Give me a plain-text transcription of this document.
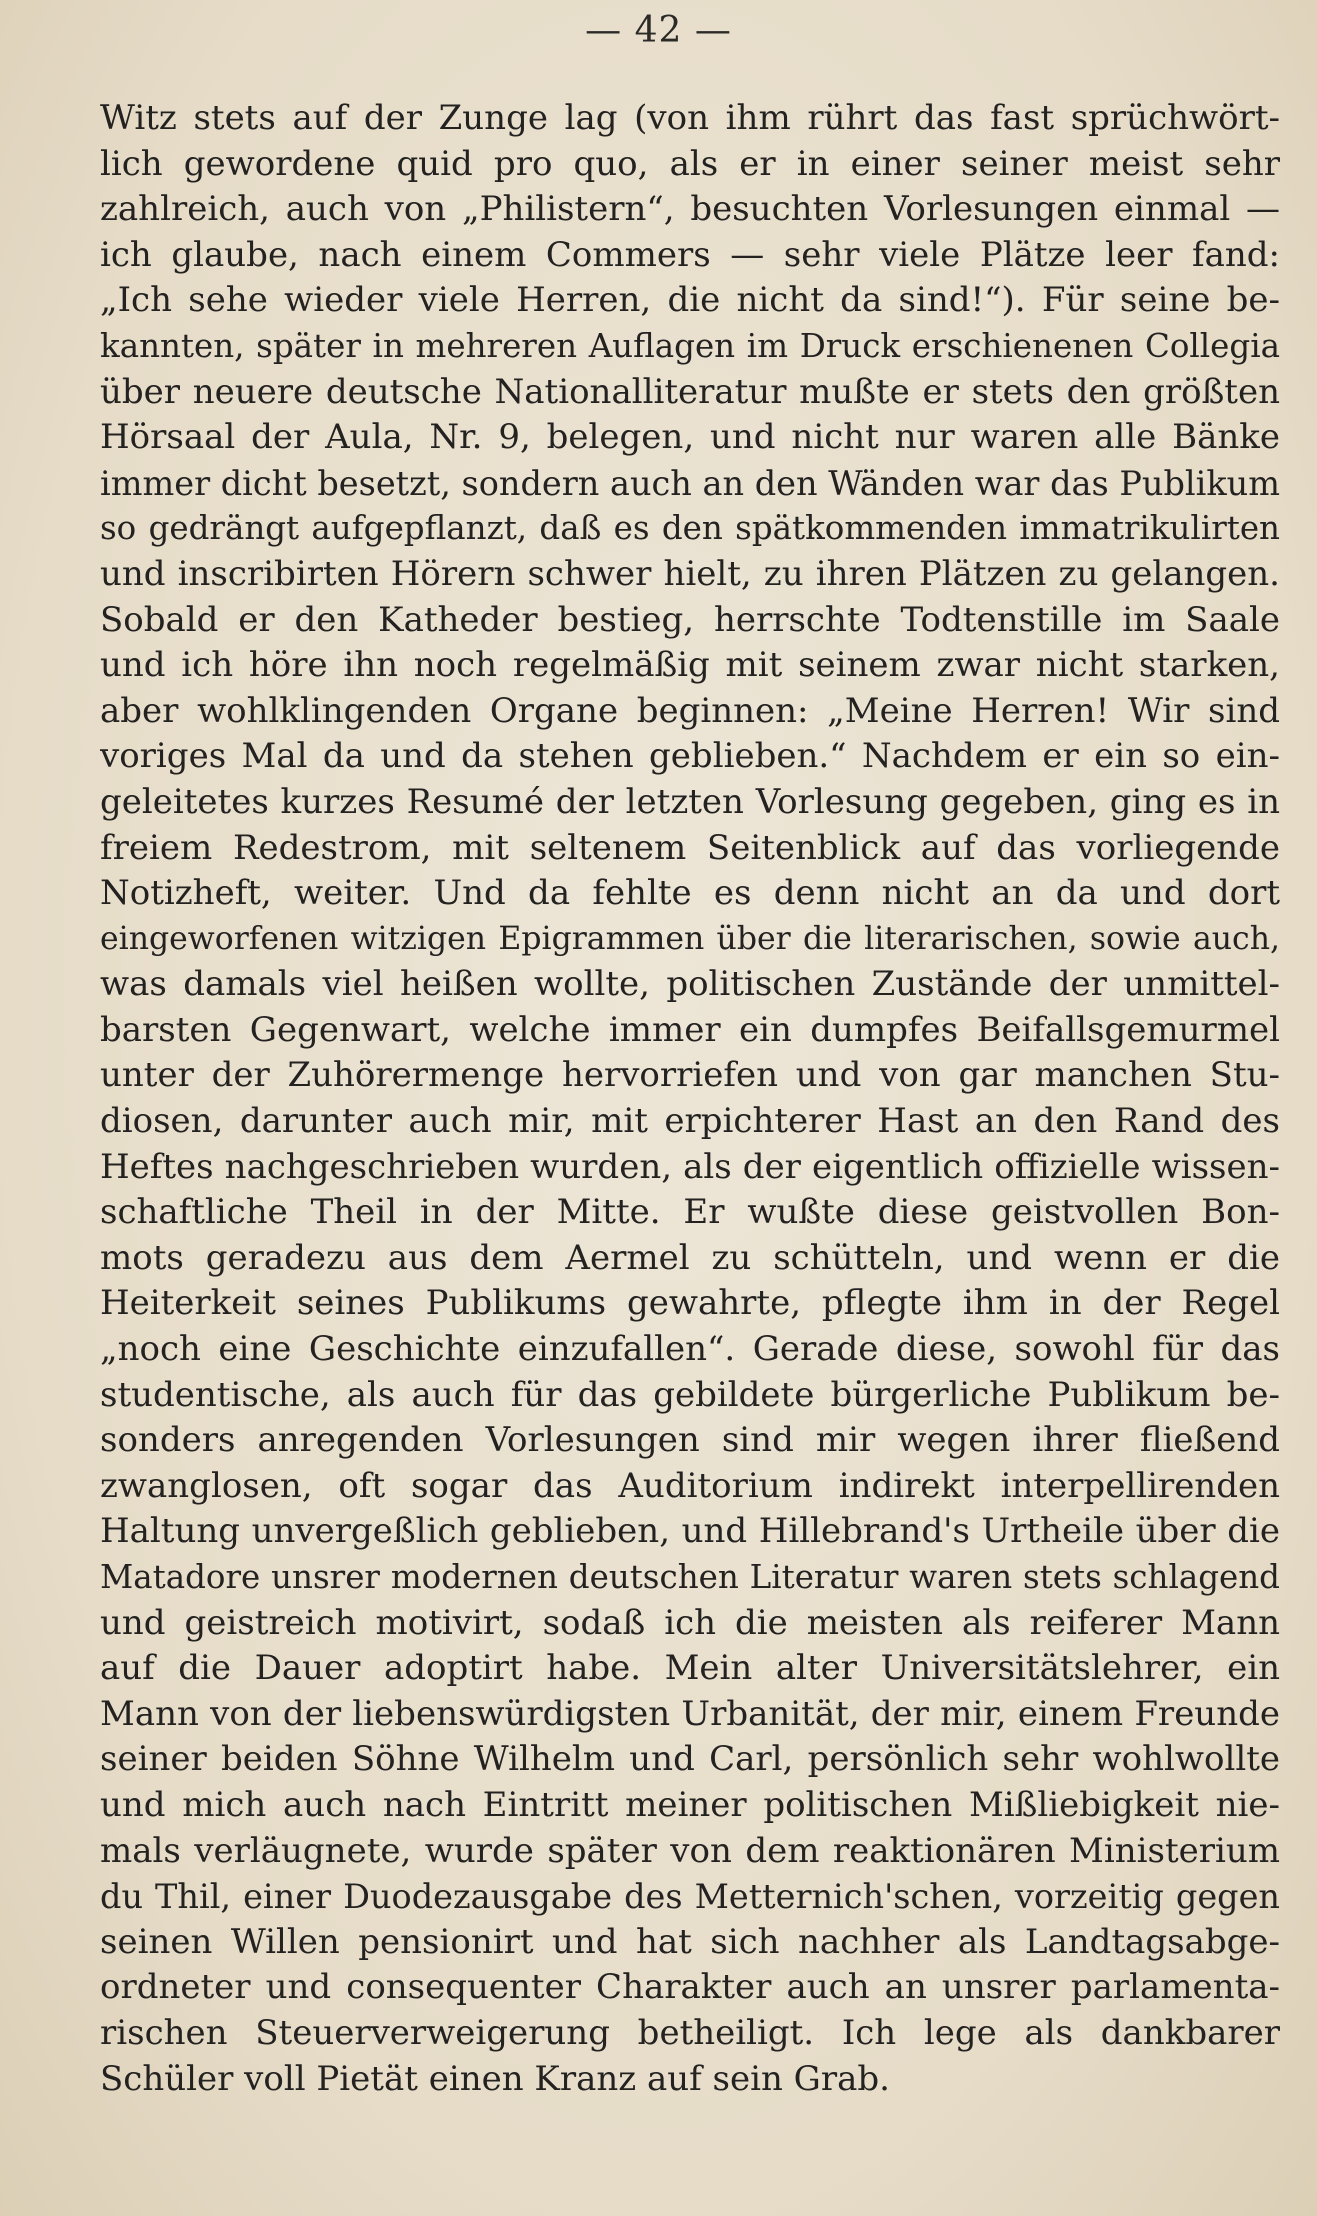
— 42 —
Witz stets auf der Zunge lag (von ihm rührt das fast sprüchwört-
lich gewordene quid pro quo, als er in einer seiner meist sehr
zahlreich, auch von „Philistern“, besuchten Vorlesungen einmal —
ich glaube, nach einem Commers — sehr viele Plätze leer fand:
„Ich sehe wieder viele Herren, die nicht da sind!“). Für seine be-
kannten, später in mehreren Auflagen im Druck erschienenen Collegia
über neuere deutsche Nationalliteratur mußte er stets den größten
Hörsaal der Aula, Nr. 9, belegen, und nicht nur waren alle Bänke
immer dicht besetzt, sondern auch an den Wänden war das Publikum
so gedrängt aufgepflanzt, daß es den spätkommenden immatrikulirten
und inscribirten Hörern schwer hielt, zu ihren Plätzen zu gelangen.
Sobald er den Katheder bestieg, herrschte Todtenstille im Saale
und ich höre ihn noch regelmäßig mit seinem zwar nicht starken,
aber wohlklingenden Organe beginnen: „Meine Herren! Wir sind
voriges Mal da und da stehen geblieben.“ Nachdem er ein so ein-
geleitetes kurzes Resumé der letzten Vorlesung gegeben, ging es in
freiem Redestrom, mit seltenem Seitenblick auf das vorliegende
Notizheft, weiter. Und da fehlte es denn nicht an da und dort
eingeworfenen witzigen Epigrammen über die literarischen, sowie auch,
was damals viel heißen wollte, politischen Zustände der unmittel-
barsten Gegenwart, welche immer ein dumpfes Beifallsgemurmel
unter der Zuhörermenge hervorriefen und von gar manchen Stu-
diosen, darunter auch mir, mit erpichterer Hast an den Rand des
Heftes nachgeschrieben wurden, als der eigentlich offizielle wissen-
schaftliche Theil in der Mitte. Er wußte diese geistvollen Bon-
mots geradezu aus dem Aermel zu schütteln, und wenn er die
Heiterkeit seines Publikums gewahrte, pflegte ihm in der Regel
„noch eine Geschichte einzufallen“. Gerade diese, sowohl für das
studentische, als auch für das gebildete bürgerliche Publikum be-
sonders anregenden Vorlesungen sind mir wegen ihrer fließend
zwanglosen, oft sogar das Auditorium indirekt interpellirenden
Haltung unvergeßlich geblieben, und Hillebrand's Urtheile über die
Matadore unsrer modernen deutschen Literatur waren stets schlagend
und geistreich motivirt, sodaß ich die meisten als reiferer Mann
auf die Dauer adoptirt habe. Mein alter Universitätslehrer, ein
Mann von der liebenswürdigsten Urbanität, der mir, einem Freunde
seiner beiden Söhne Wilhelm und Carl, persönlich sehr wohlwollte
und mich auch nach Eintritt meiner politischen Mißliebigkeit nie-
mals verläugnete, wurde später von dem reaktionären Ministerium
du Thil, einer Duodezausgabe des Metternich'schen, vorzeitig gegen
seinen Willen pensionirt und hat sich nachher als Landtagsabge-
ordneter und consequenter Charakter auch an unsrer parlamenta-
rischen Steuerverweigerung betheiligt. Ich lege als dankbarer
Schüler voll Pietät einen Kranz auf sein Grab.
